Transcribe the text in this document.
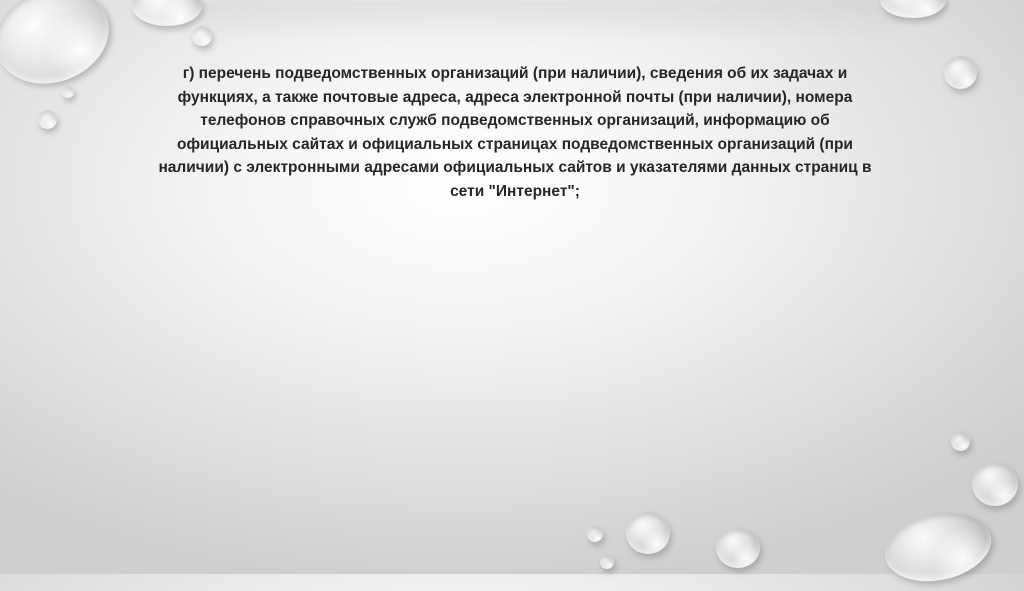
г) перечень подведомственных организаций (при наличии), сведения об их задачах и функциях, а также почтовые адреса, адреса электронной почты (при наличии), номера телефонов справочных служб подведомственных организаций, информацию об официальных сайтах и официальных страницах подведомственных организаций (при наличии) с электронными адресами официальных сайтов и указателями данных страниц в сети "Интернет";
